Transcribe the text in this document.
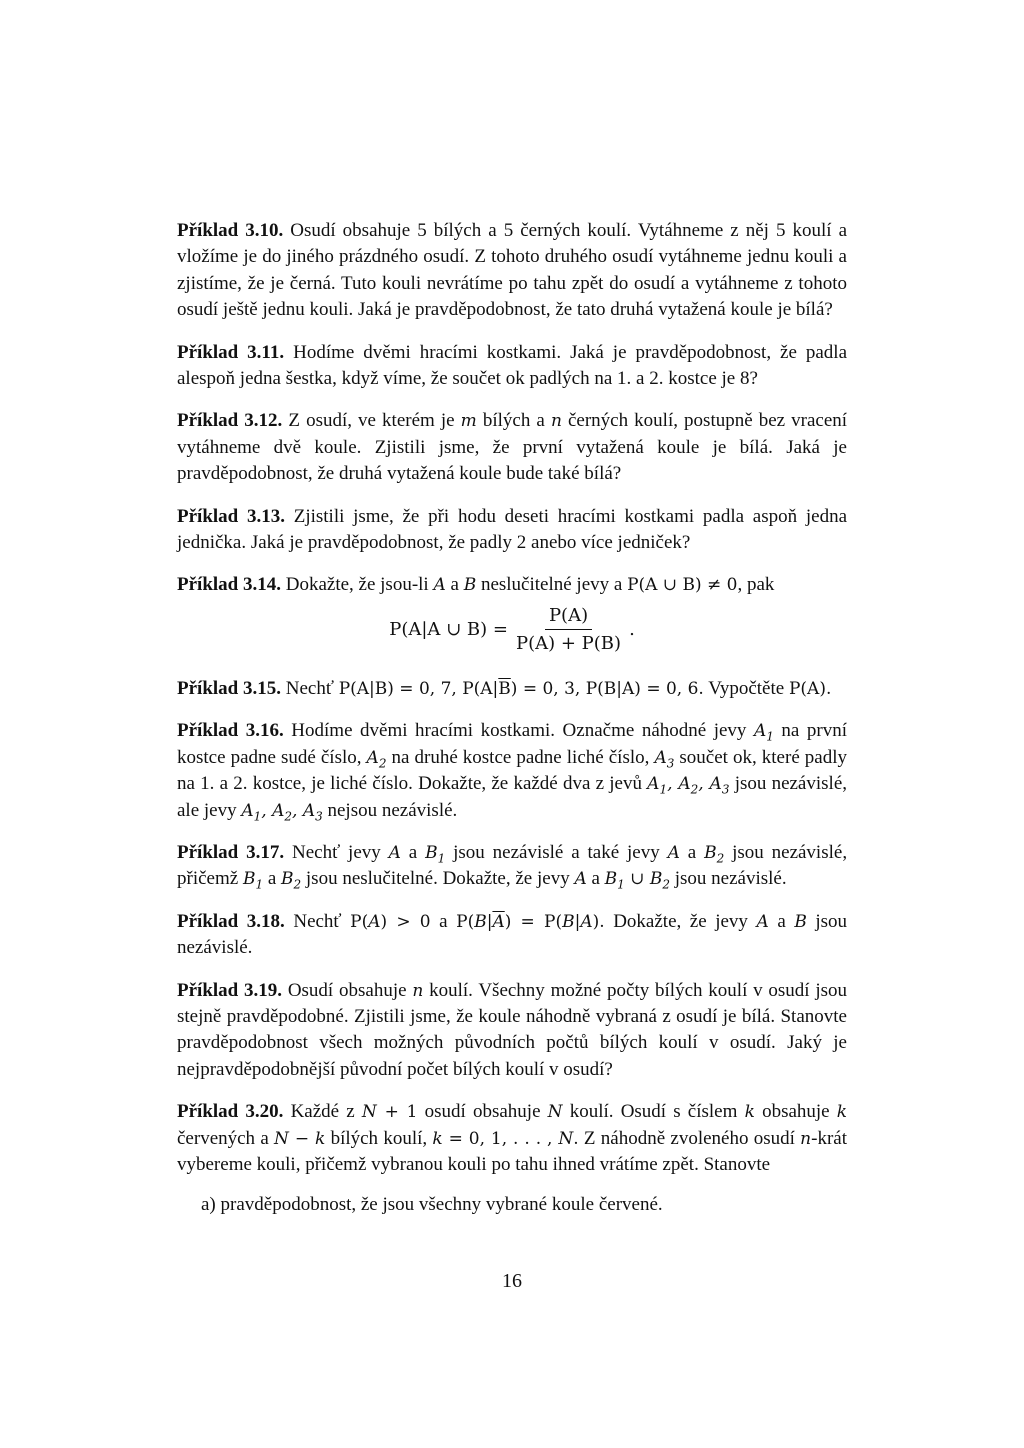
Příklad 3.10. Osudí obsahuje 5 bílých a 5 černých koulí. Vytáhneme z něj 5 koulí a vložíme je do jiného prázdného osudí. Z tohoto druhého osudí vytáhneme jednu kouli a zjistíme, že je černá. Tuto kouli nevrátíme po tahu zpět do osudí a vytáhneme z tohoto osudí ještě jednu kouli. Jaká je pravděpodobnost, že tato druhá vytažená koule je bílá?

Příklad 3.11. Hodíme dvěmi hracími kostkami. Jaká je pravděpodobnost, že padla alespoň jedna šestka, když víme, že součet ok padlých na 1. a 2. kostce je 8?

Příklad 3.12. Z osudí, ve kterém je m bílých a n černých koulí, postupně bez vracení vytáhneme dvě koule. Zjistili jsme, že první vytažená koule je bílá. Jaká je pravděpodobnost, že druhá vytažená koule bude také bílá?

Příklad 3.13. Zjistili jsme, že při hodu deseti hracími kostkami padla aspoň jedna jednička. Jaká je pravděpodobnost, že padly 2 anebo více jedniček?

Příklad 3.14. Dokažte, že jsou-li A a B neslučitelné jevy a P(A ∪ B) ≠ 0, pak

P(A|A ∪ $B) = \frac{P(A)}{P(A) + P(B)}$ .

Příklad 3.15. Nechť P(A|B) = 0, 7, $P(A|\overline{B}) = 0$, 3, P(B|A) = 0, 6. Vypočtěte P(A).

Příklad 3.16. Hodíme dvěmi hracími kostkami. Označme náhodné jevy $A_1$ na první kostce padne sudé číslo, $A_2$ na druhé kostce padne liché číslo, $A_3$ součet ok, které padly na 1. a 2. kostce, je liché číslo. Dokažte, že každé dva z jevů $A_1$, $A_2$, $A_3$ jsou nezávislé, ale jevy $A_1$, $A_2$, $A_3$ nejsou nezávislé.

Příklad 3.17. Nechť jevy A a $B_1$ jsou nezávislé a také jevy A a $B_2$ jsou nezávislé, přičemž $B_1$ a $B_2$ jsou neslučitelné. Dokažte, že jevy A a $B_1$ ∪ $B_2$ jsou nezávislé.

Příklad 3.18. Nechť P(A) > 0 a $P(B|\overline{A}) = P(B|A)$. Dokažte, že jevy A a B jsou nezávislé.

Příklad 3.19. Osudí obsahuje n koulí. Všechny možné počty bílých koulí v osudí jsou stejně pravděpodobné. Zjistili jsme, že koule náhodně vybraná z osudí je bílá. Stanovte pravděpodobnost všech možných původních počtů bílých koulí v osudí. Jaký je nejpravděpodobnější původní počet bílých koulí v osudí?

Příklad 3.20. Každé z N + 1 osudí obsahuje N koulí. Osudí s číslem k obsahuje k červených a N − k bílých koulí, k = 0, 1, . . . , N. Z náhodně zvoleného osudí n-krát vybereme kouli, přičemž vybranou kouli po tahu ihned vrátíme zpět. Stanovte

a) pravděpodobnost, že jsou všechny vybrané koule červené.
16
